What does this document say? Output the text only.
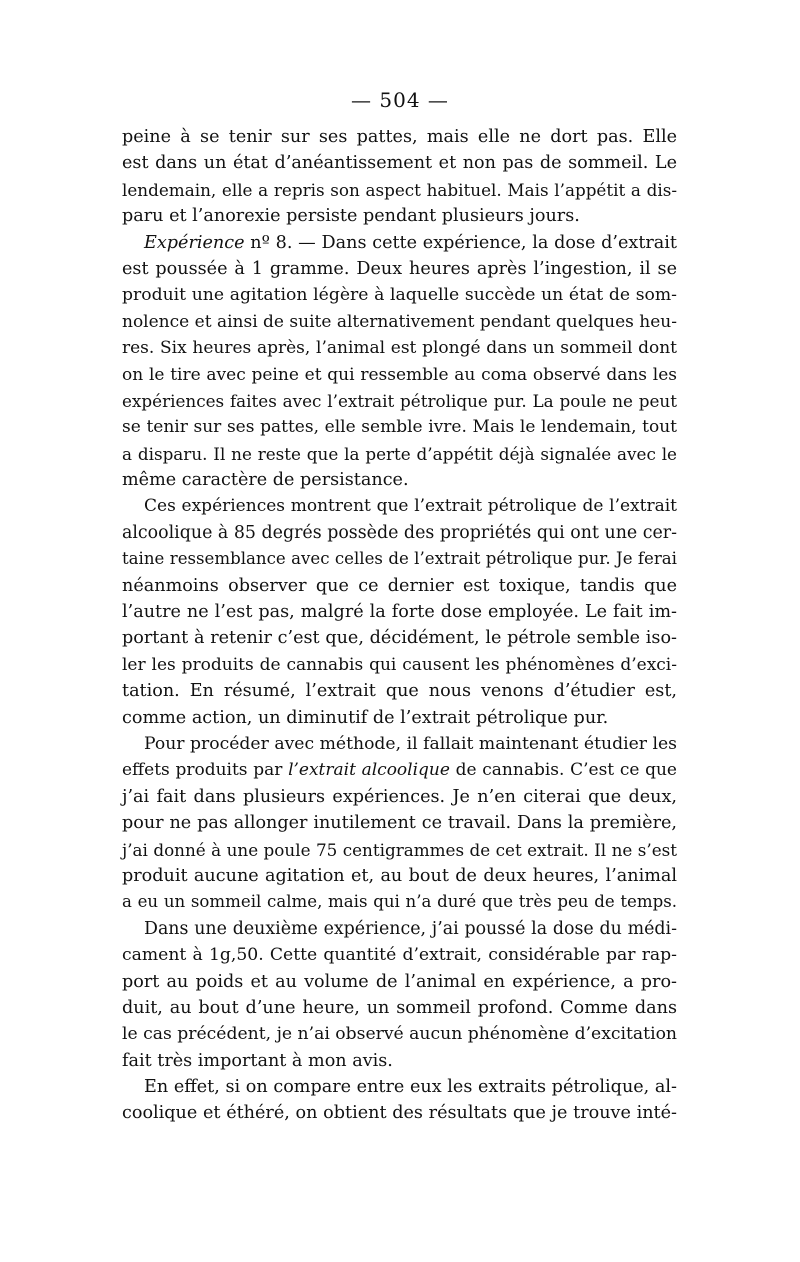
— 504 —
peine à se tenir sur ses pattes, mais elle ne dort pas. Elle
est dans un état d’anéantissement et non pas de sommeil. Le
lendemain, elle a repris son aspect habituel. Mais l’appétit a dis-
paru et l’anorexie persiste pendant plusieurs jours.
Expérience nº 8. — Dans cette expérience, la dose d’extrait
est poussée à 1 gramme. Deux heures après l’ingestion, il se
produit une agitation légère à laquelle succède un état de som-
nolence et ainsi de suite alternativement pendant quelques heu-
res. Six heures après, l’animal est plongé dans un sommeil dont
on le tire avec peine et qui ressemble au coma observé dans les
expériences faites avec l’extrait pétrolique pur. La poule ne peut
se tenir sur ses pattes, elle semble ivre. Mais le lendemain, tout
a disparu. Il ne reste que la perte d’appétit déjà signalée avec le
même caractère de persistance.
Ces expériences montrent que l’extrait pétrolique de l’extrait
alcoolique à 85 degrés possède des propriétés qui ont une cer-
taine ressemblance avec celles de l’extrait pétrolique pur. Je ferai
néanmoins observer que ce dernier est toxique, tandis que
l’autre ne l’est pas, malgré la forte dose employée. Le fait im-
portant à retenir c’est que, décidément, le pétrole semble iso-
ler les produits de cannabis qui causent les phénomènes d’exci-
tation. En résumé, l’extrait que nous venons d’étudier est,
comme action, un diminutif de l’extrait pétrolique pur.
Pour procéder avec méthode, il fallait maintenant étudier les
effets produits par l’extrait alcoolique de cannabis. C’est ce que
j’ai fait dans plusieurs expériences. Je n’en citerai que deux,
pour ne pas allonger inutilement ce travail. Dans la première,
j’ai donné à une poule 75 centigrammes de cet extrait. Il ne s’est
produit aucune agitation et, au bout de deux heures, l’animal
a eu un sommeil calme, mais qui n’a duré que très peu de temps.
Dans une deuxième expérience, j’ai poussé la dose du médi-
cament à 1g,50. Cette quantité d’extrait, considérable par rap-
port au poids et au volume de l’animal en expérience, a pro-
duit, au bout d’une heure, un sommeil profond. Comme dans
le cas précédent, je n’ai observé aucun phénomène d’excitation
fait très important à mon avis.
En effet, si on compare entre eux les extraits pétrolique, al-
coolique et éthéré, on obtient des résultats que je trouve inté-
